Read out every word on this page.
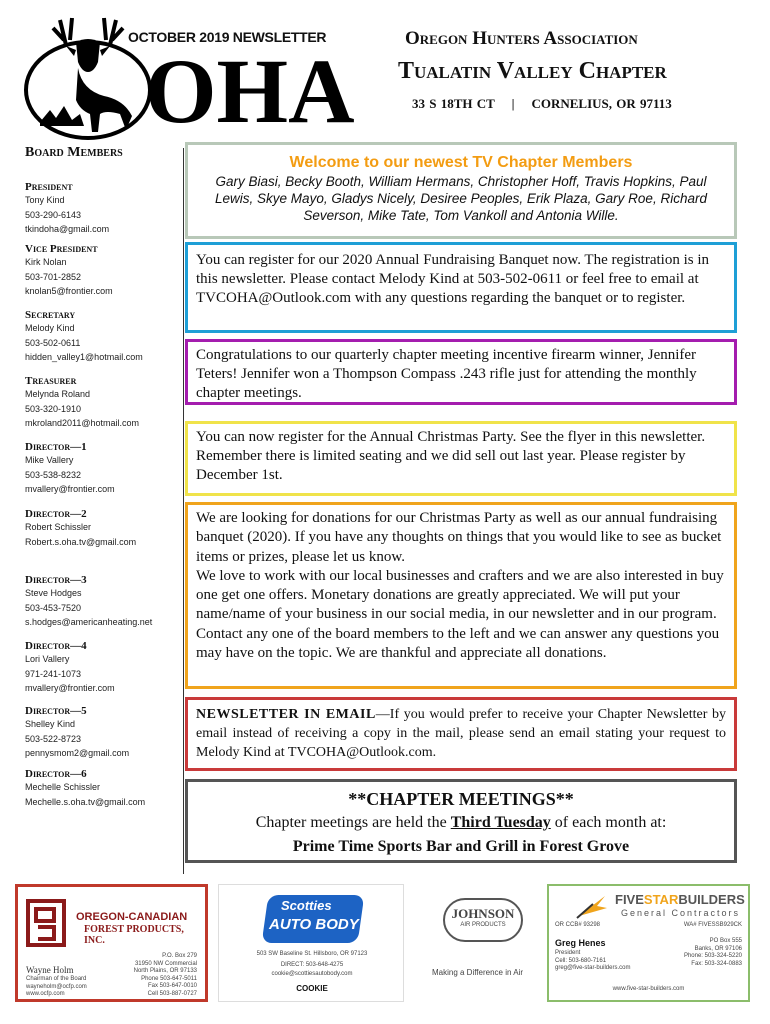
OHA
OCTOBER 2019 NEWSLETTER	Oregon Hunters Association
Tualatin Valley Chapter
33 S 18TH CT    |    CORNELIUS, OR 97113
Board Members
President
Tony Kind
503-290-6143
tkindoha@gmail.com
Vice President
Kirk Nolan
503-701-2852
knolan5@frontier.com
Secretary
Melody Kind
503-502-0611
hidden_valley1@hotmail.com
Treasurer
Melynda Roland
503-320-1910
mkroland2011@hotmail.com
Director—1
Mike Vallery
503-538-8232
mvallery@frontier.com
Director—2
Robert Schissler
Robert.s.oha.tv@gmail.com
Director—3
Steve Hodges
503-453-7520
s.hodges@americanheating.net
Director—4
Lori Vallery
971-241-1073
mvallery@frontier.com
Director—5
Shelley Kind
503-522-8723
pennysmom2@gmail.com
Director—6
Mechelle Schissler
Mechelle.s.oha.tv@gmail.com
Welcome to our newest TV Chapter Members
Gary Biasi, Becky Booth, William Hermans, Christopher Hoff, Travis Hopkins, Paul Lewis, Skye Mayo, Gladys Nicely, Desiree Peoples, Erik Plaza, Gary Roe, Richard Severson, Mike Tate, Tom Vankoll and Antonia Wille.
You can register for our 2020 Annual Fundraising Banquet now. The registration is in this newsletter. Please contact Melody Kind at 503-502-0611 or feel free to email at TVCOHA@Outlook.com with any questions regarding the banquet or to register.
Congratulations to our quarterly chapter meeting incentive firearm winner, Jennifer Teters! Jennifer won a Thompson Compass .243 rifle just for attending the monthly chapter meetings.
You can now register for the Annual Christmas Party. See the flyer in this newsletter. Remember there is limited seating and we did sell out last year. Please register by December 1st.
We are looking for donations for our Christmas Party as well as our annual fundraising banquet (2020). If you have any thoughts on things that you would like to see as bucket items or prizes, please let us know.
We love to work with our local businesses and crafters and we are also interested in buy one get one offers. Monetary donations are greatly appreciated. We will put your name/name of your business in our social media, in our newsletter and in our program. Contact any one of the board members to the left and we can answer any questions you may have on the topic. We are thankful and appreciate all donations.
NEWSLETTER IN EMAIL—If you would prefer to receive your Chapter Newsletter by email instead of receiving a copy in the mail, please send an email stating your request to Melody Kind at TVCOHA@Outlook.com.
**CHAPTER MEETINGS**
Chapter meetings are held the Third Tuesday of each month at:
Prime Time Sports Bar and Grill in Forest Grove
OREGON-CANADIAN
FOREST PRODUCTS, INC.
Wayne Holm
Chairman of the Board
wayneholm@ocfp.com
www.ocfp.com
P.O. Box 279
31950 NW Commercial
North Plains, OR 97133
Phone 503-647-5011
Fax 503-647-0010
Cell 503-887-0727
Scotties
AUTO BODY
503 SW Baseline St. Hillsboro, OR 97123
DIRECT: 503-648-4275
cookie@scottiesautobody.com
COOKIE
JOHNSON
AIR PRODUCTS
Making a Difference in Air
FIVESTARBUILDERS
General Contractors
OR CCB# 93298	WA# FIVESSB929CK
Greg Henes
President
Cell: 503-680-7161
greg@five-star-builders.com
PO Box 555
Banks, OR 97106
Phone: 503-324-5220
Fax: 503-324-0883
www.five-star-builders.com
